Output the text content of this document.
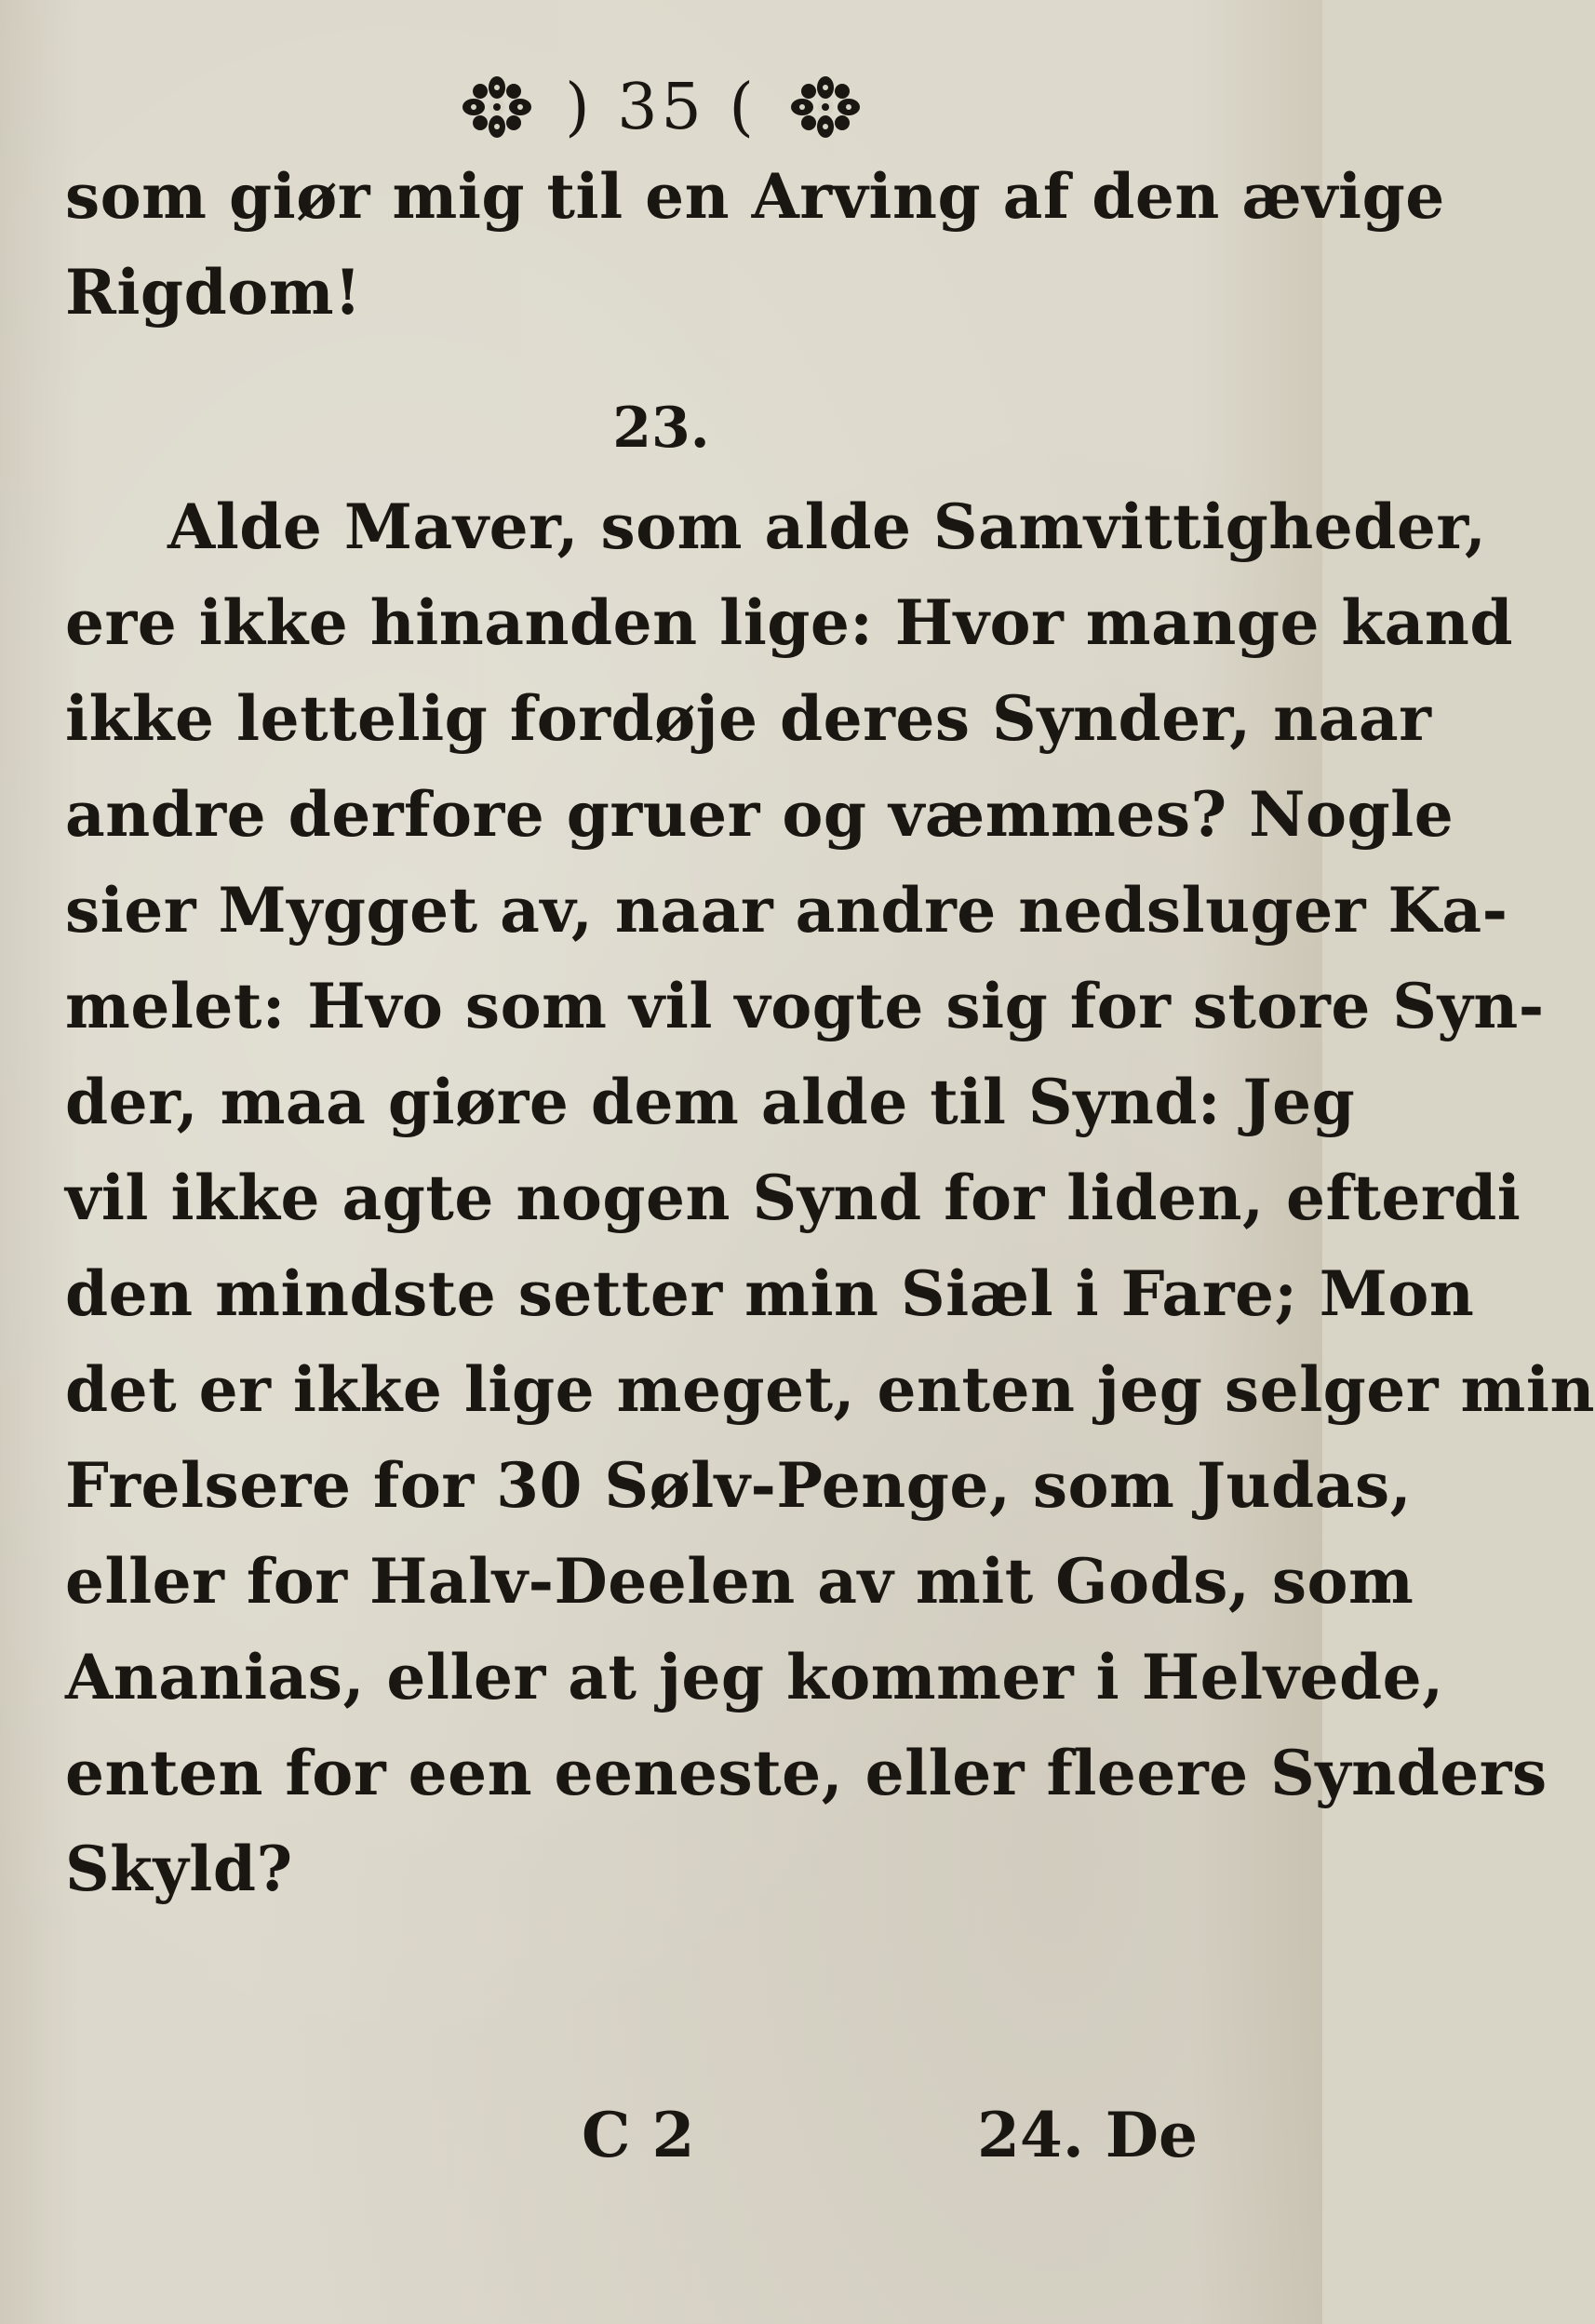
) 35 (
som giør mig til en Arving af den ævige
Rigdom!
23.
Alde Maver, som alde Samvittigheder,
ere ikke hinanden lige: Hvor mange kand
ikke lettelig fordøje deres Synder, naar
andre derfore gruer og væmmes? Nogle
sier Mygget av, naar andre nedsluger Ka-
melet: Hvo som vil vogte sig for store Syn-
der, maa giøre dem alde til Synd: Jeg
vil ikke agte nogen Synd for liden, efterdi
den mindste setter min Siæl i Fare; Mon
det er ikke lige meget, enten jeg selger min
Frelsere for 30 Sølv-Penge, som Judas,
eller for Halv-Deelen av mit Gods, som
Ananias, eller at jeg kommer i Helvede,
enten for een eeneste, eller fleere Synders
Skyld?
C 2	24. De
